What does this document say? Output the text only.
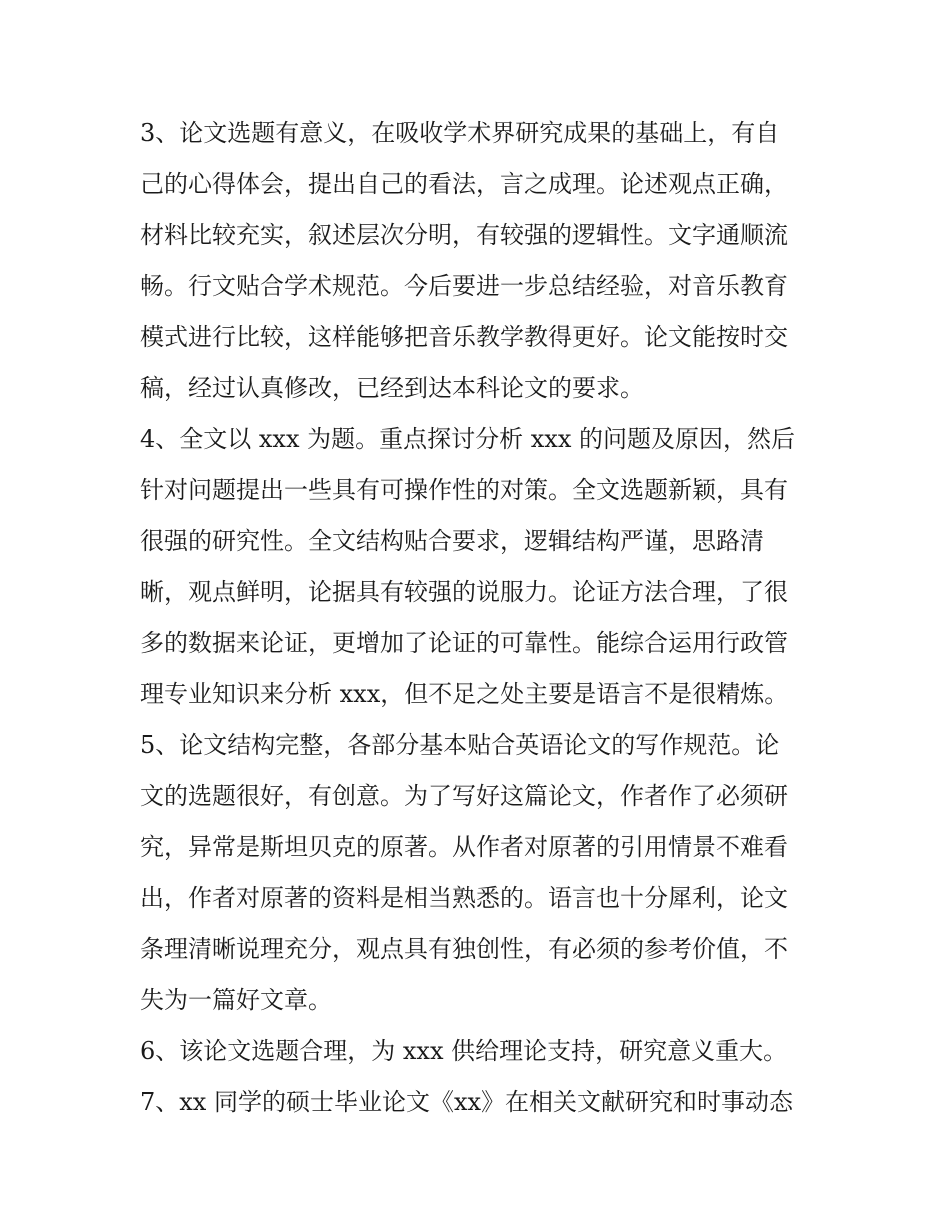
3、论文选题有意义，在吸收学术界研究成果的基础上，有自
己的心得体会，提出自己的看法，言之成理。论述观点正确，
材料比较充实，叙述层次分明，有较强的逻辑性。文字通顺流
畅。行文贴合学术规范。今后要进一步总结经验，对音乐教育
模式进行比较，这样能够把音乐教学教得更好。论文能按时交
稿，经过认真修改，已经到达本科论文的要求。
4、全文以 xxx 为题。重点探讨分析 xxx 的问题及原因，然后
针对问题提出一些具有可操作性的对策。全文选题新颖，具有
很强的研究性。全文结构贴合要求，逻辑结构严谨，思路清
晰，观点鲜明，论据具有较强的说服力。论证方法合理，了很
多的数据来论证，更增加了论证的可靠性。能综合运用行政管
理专业知识来分析 xxx，但不足之处主要是语言不是很精炼。
5、论文结构完整，各部分基本贴合英语论文的写作规范。论
文的选题很好，有创意。为了写好这篇论文，作者作了必须研
究，异常是斯坦贝克的原著。从作者对原著的引用情景不难看
出，作者对原著的资料是相当熟悉的。语言也十分犀利，论文
条理清晰说理充分，观点具有独创性，有必须的参考价值，不
失为一篇好文章。
6、该论文选题合理，为 xxx 供给理论支持，研究意义重大。
7、xx 同学的硕士毕业论文《xx》在相关文献研究和时事动态
